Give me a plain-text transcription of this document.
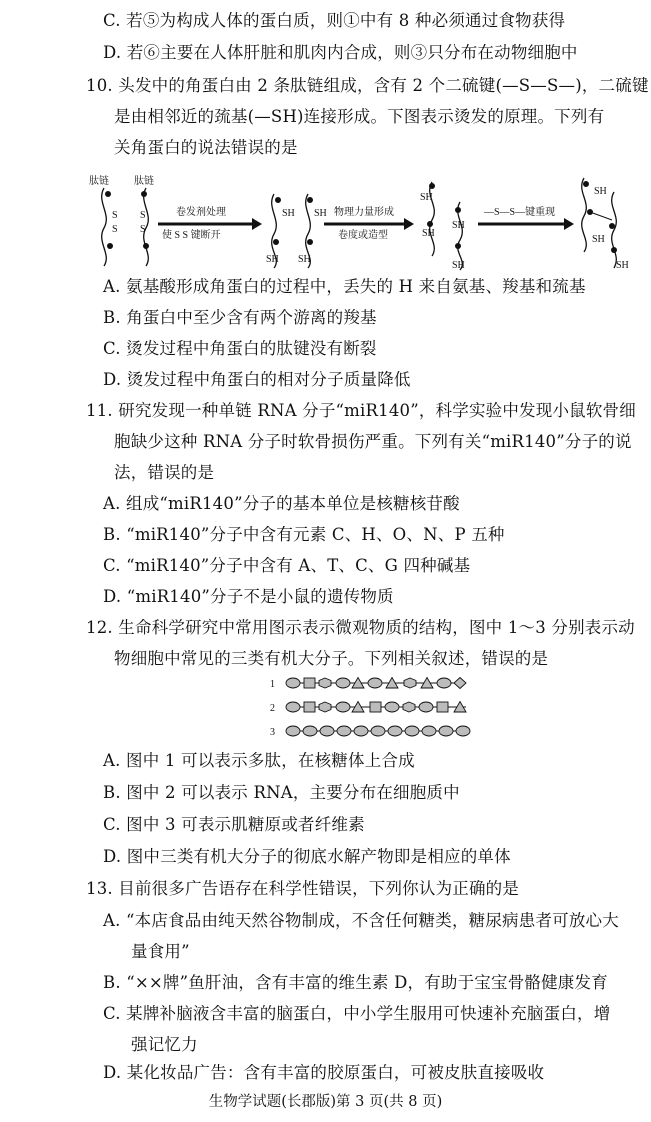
C. 若⑤为构成人体的蛋白质，则①中有 8 种必须通过食物获得
D. 若⑥主要在人体肝脏和肌肉内合成，则③只分布在动物细胞中
10. 头发中的角蛋白由 2 条肽链组成，含有 2 个二硫键(—S—S—)，二硫键
是由相邻近的巯基(—SH)连接形成。下图表示烫发的原理。下列有
关角蛋白的说法错误的是
肽链	肽链
S S
S S
卷发剂处理
使 S S 键断开
SH SH
SH SH
物理力量形成
卷度或造型
SH
SH
SH
SH
—S—S—键重现
SH
SH
SH
A. 氨基酸形成角蛋白的过程中，丢失的 H 来自氨基、羧基和巯基
B. 角蛋白中至少含有两个游离的羧基
C. 烫发过程中角蛋白的肽键没有断裂
D. 烫发过程中角蛋白的相对分子质量降低
11. 研究发现一种单链 RNA 分子“miR140”，科学实验中发现小鼠软骨细
胞缺少这种 RNA 分子时软骨损伤严重。下列有关“miR140”分子的说
法，错误的是
A. 组成“miR140”分子的基本单位是核糖核苷酸
B. “miR140”分子中含有元素 C、H、O、N、P 五种
C. “miR140”分子中含有 A、T、C、G 四种碱基
D. “miR140”分子不是小鼠的遗传物质
12. 生命科学研究中常用图示表示微观物质的结构，图中 1～3 分别表示动
物细胞中常见的三类有机大分子。下列相关叙述，错误的是
1
2
3
A. 图中 1 可以表示多肽，在核糖体上合成
B. 图中 2 可以表示 RNA，主要分布在细胞质中
C. 图中 3 可表示肌糖原或者纤维素
D. 图中三类有机大分子的彻底水解产物即是相应的单体
13. 目前很多广告语存在科学性错误，下列你认为正确的是
A. “本店食品由纯天然谷物制成，不含任何糖类，糖尿病患者可放心大
量食用”
B. “××牌”鱼肝油，含有丰富的维生素 D，有助于宝宝骨骼健康发育
C. 某牌补脑液含丰富的脑蛋白，中小学生服用可快速补充脑蛋白，增
强记忆力
D. 某化妆品广告：含有丰富的胶原蛋白，可被皮肤直接吸收
生物学试题(长郡版)第 3 页(共 8 页)
